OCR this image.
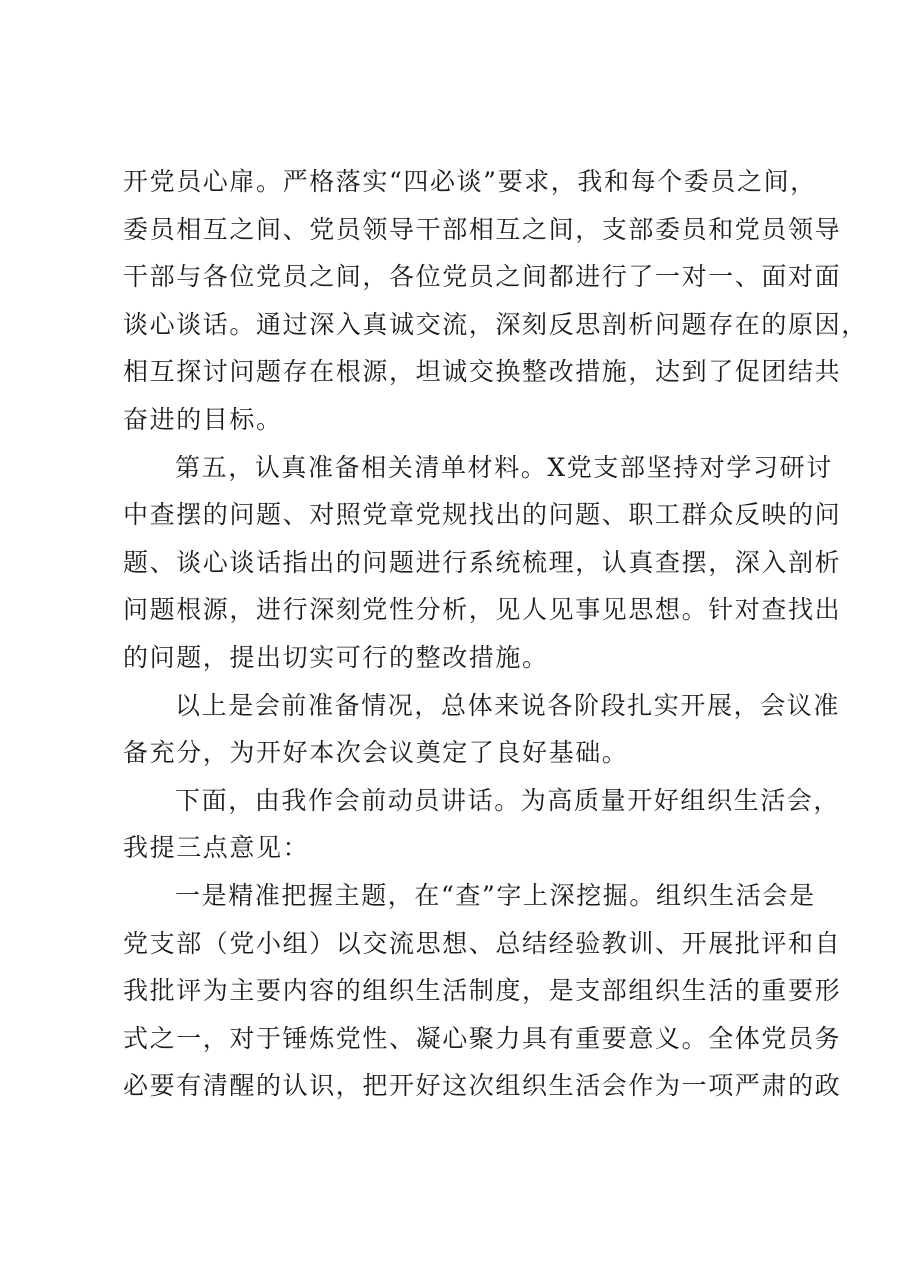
开党员心扉。严格落实“四必谈”要求，我和每个委员之间，
委员相互之间、党员领导干部相互之间，支部委员和党员领导
干部与各位党员之间，各位党员之间都进行了一对一、面对面
谈心谈话。通过深入真诚交流，深刻反思剖析问题存在的原因，
相互探讨问题存在根源，坦诚交换整改措施，达到了促团结共
奋进的目标。
第五，认真准备相关清单材料。X党支部坚持对学习研讨
中查摆的问题、对照党章党规找出的问题、职工群众反映的问
题、谈心谈话指出的问题进行系统梳理，认真查摆，深入剖析
问题根源，进行深刻党性分析，见人见事见思想。针对查找出
的问题，提出切实可行的整改措施。
以上是会前准备情况，总体来说各阶段扎实开展，会议准
备充分，为开好本次会议奠定了良好基础。
下面，由我作会前动员讲话。为高质量开好组织生活会，
我提三点意见：
一是精准把握主题，在“查”字上深挖掘。组织生活会是
党支部（党小组）以交流思想、总结经验教训、开展批评和自
我批评为主要内容的组织生活制度，是支部组织生活的重要形
式之一，对于锤炼党性、凝心聚力具有重要意义。全体党员务
必要有清醒的认识，把开好这次组织生活会作为一项严肃的政
